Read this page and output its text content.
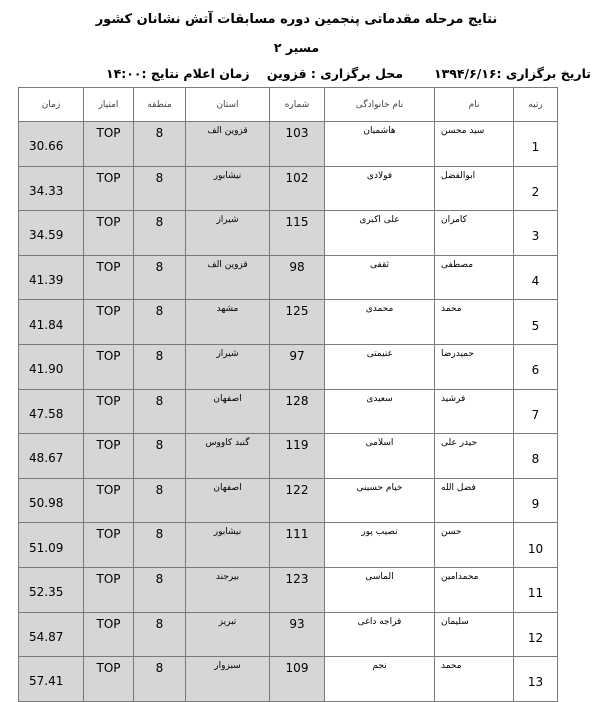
نتایج مرحله مقدماتی پنجمین دوره مسابقات آتش نشانان کشور
مسیر ۲
تاریخ برگزاری :۱۳۹۴/۶/۱۶
محل برگزاری : قزوین
زمان اعلام نتایج :۱۴:۰۰
رتبه	نام	نام خانوادگی	شماره	استان	منطقه	امتیاز	زمان
1	سید محسن	هاشمیان	103	قزوین الف	8	TOP	30.66
2	ابوالفضل	فولادی	102	نیشابور	8	TOP	34.33
3	کامران	علی اکبری	115	شیراز	8	TOP	34.59
4	مصطفی	ثقفی	98	قزوین الف	8	TOP	41.39
5	محمد	محمدی	125	مشهد	8	TOP	41.84
6	حمیدرضا	غنیمتی	97	شیراز	8	TOP	41.90
7	فرشید	سعیدی	128	اصفهان	8	TOP	47.58
8	حیدر علی	اسلامی	119	گنبد کاووس	8	TOP	48.67
9	فضل الله	خیام حسینی	122	اصفهان	8	TOP	50.98
10	حسن	نصیب پور	111	نیشابور	8	TOP	51.09
11	محمدامین	الماسی	123	بیرجند	8	TOP	52.35
12	سلیمان	قراجه داغی	93	تبریز	8	TOP	54.87
13	محمد	نجم	109	سبزوار	8	TOP	57.41
